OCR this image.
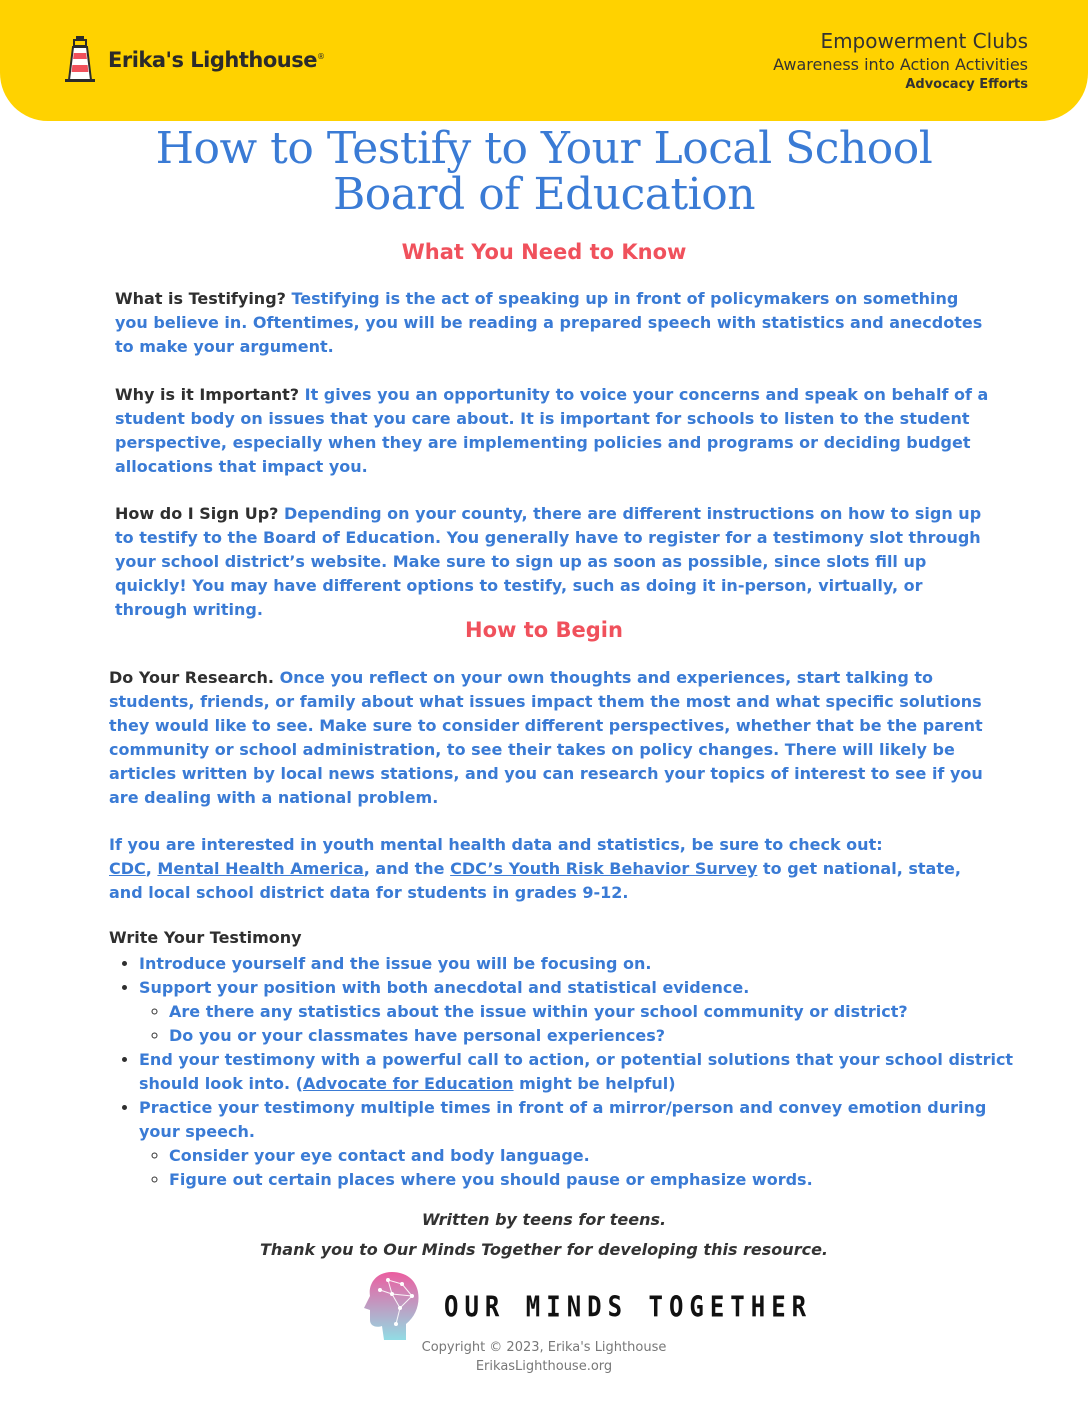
Erika's Lighthouse®
Empowerment Clubs
Awareness into Action Activities
Advocacy Efforts
How to Testify to Your Local School
Board of Education
What You Need to Know
What is Testifying? Testifying is the act of speaking up in front of policymakers on something you believe in. Oftentimes, you will be reading a prepared speech with statistics and anecdotes to make your argument.
Why is it Important? It gives you an opportunity to voice your concerns and speak on behalf of a student body on issues that you care about. It is important for schools to listen to the student perspective, especially when they are implementing policies and programs or deciding budget allocations that impact you.
How do I Sign Up? Depending on your county, there are different instructions on how to sign up to testify to the Board of Education. You generally have to register for a testimony slot through your school district’s website. Make sure to sign up as soon as possible, since slots fill up quickly! You may have different options to testify, such as doing it in-person, virtually, or through writing.
How to Begin
Do Your Research. Once you reflect on your own thoughts and experiences, start talking to students, friends, or family about what issues impact them the most and what specific solutions they would like to see. Make sure to consider different perspectives, whether that be the parent community or school administration, to see their takes on policy changes. There will likely be articles written by local news stations, and you can research your topics of interest to see if you are dealing with a national problem.
If you are interested in youth mental health data and statistics, be sure to check out:
CDC, Mental Health America, and the CDC’s Youth Risk Behavior Survey to get national, state, and local school district data for students in grades 9-12.
Write Your Testimony
• Introduce yourself and the issue you will be focusing on.
• Support your position with both anecdotal and statistical evidence.
◦ Are there any statistics about the issue within your school community or district?
◦ Do you or your classmates have personal experiences?
• End your testimony with a powerful call to action, or potential solutions that your school district should look into. (Advocate for Education might be helpful)
• Practice your testimony multiple times in front of a mirror/person and convey emotion during your speech.
◦ Consider your eye contact and body language.
◦ Figure out certain places where you should pause or emphasize words.
Written by teens for teens.
Thank you to Our Minds Together for developing this resource.
OUR MINDS TOGETHER
Copyright © 2023, Erika's Lighthouse
ErikasLighthouse.org
